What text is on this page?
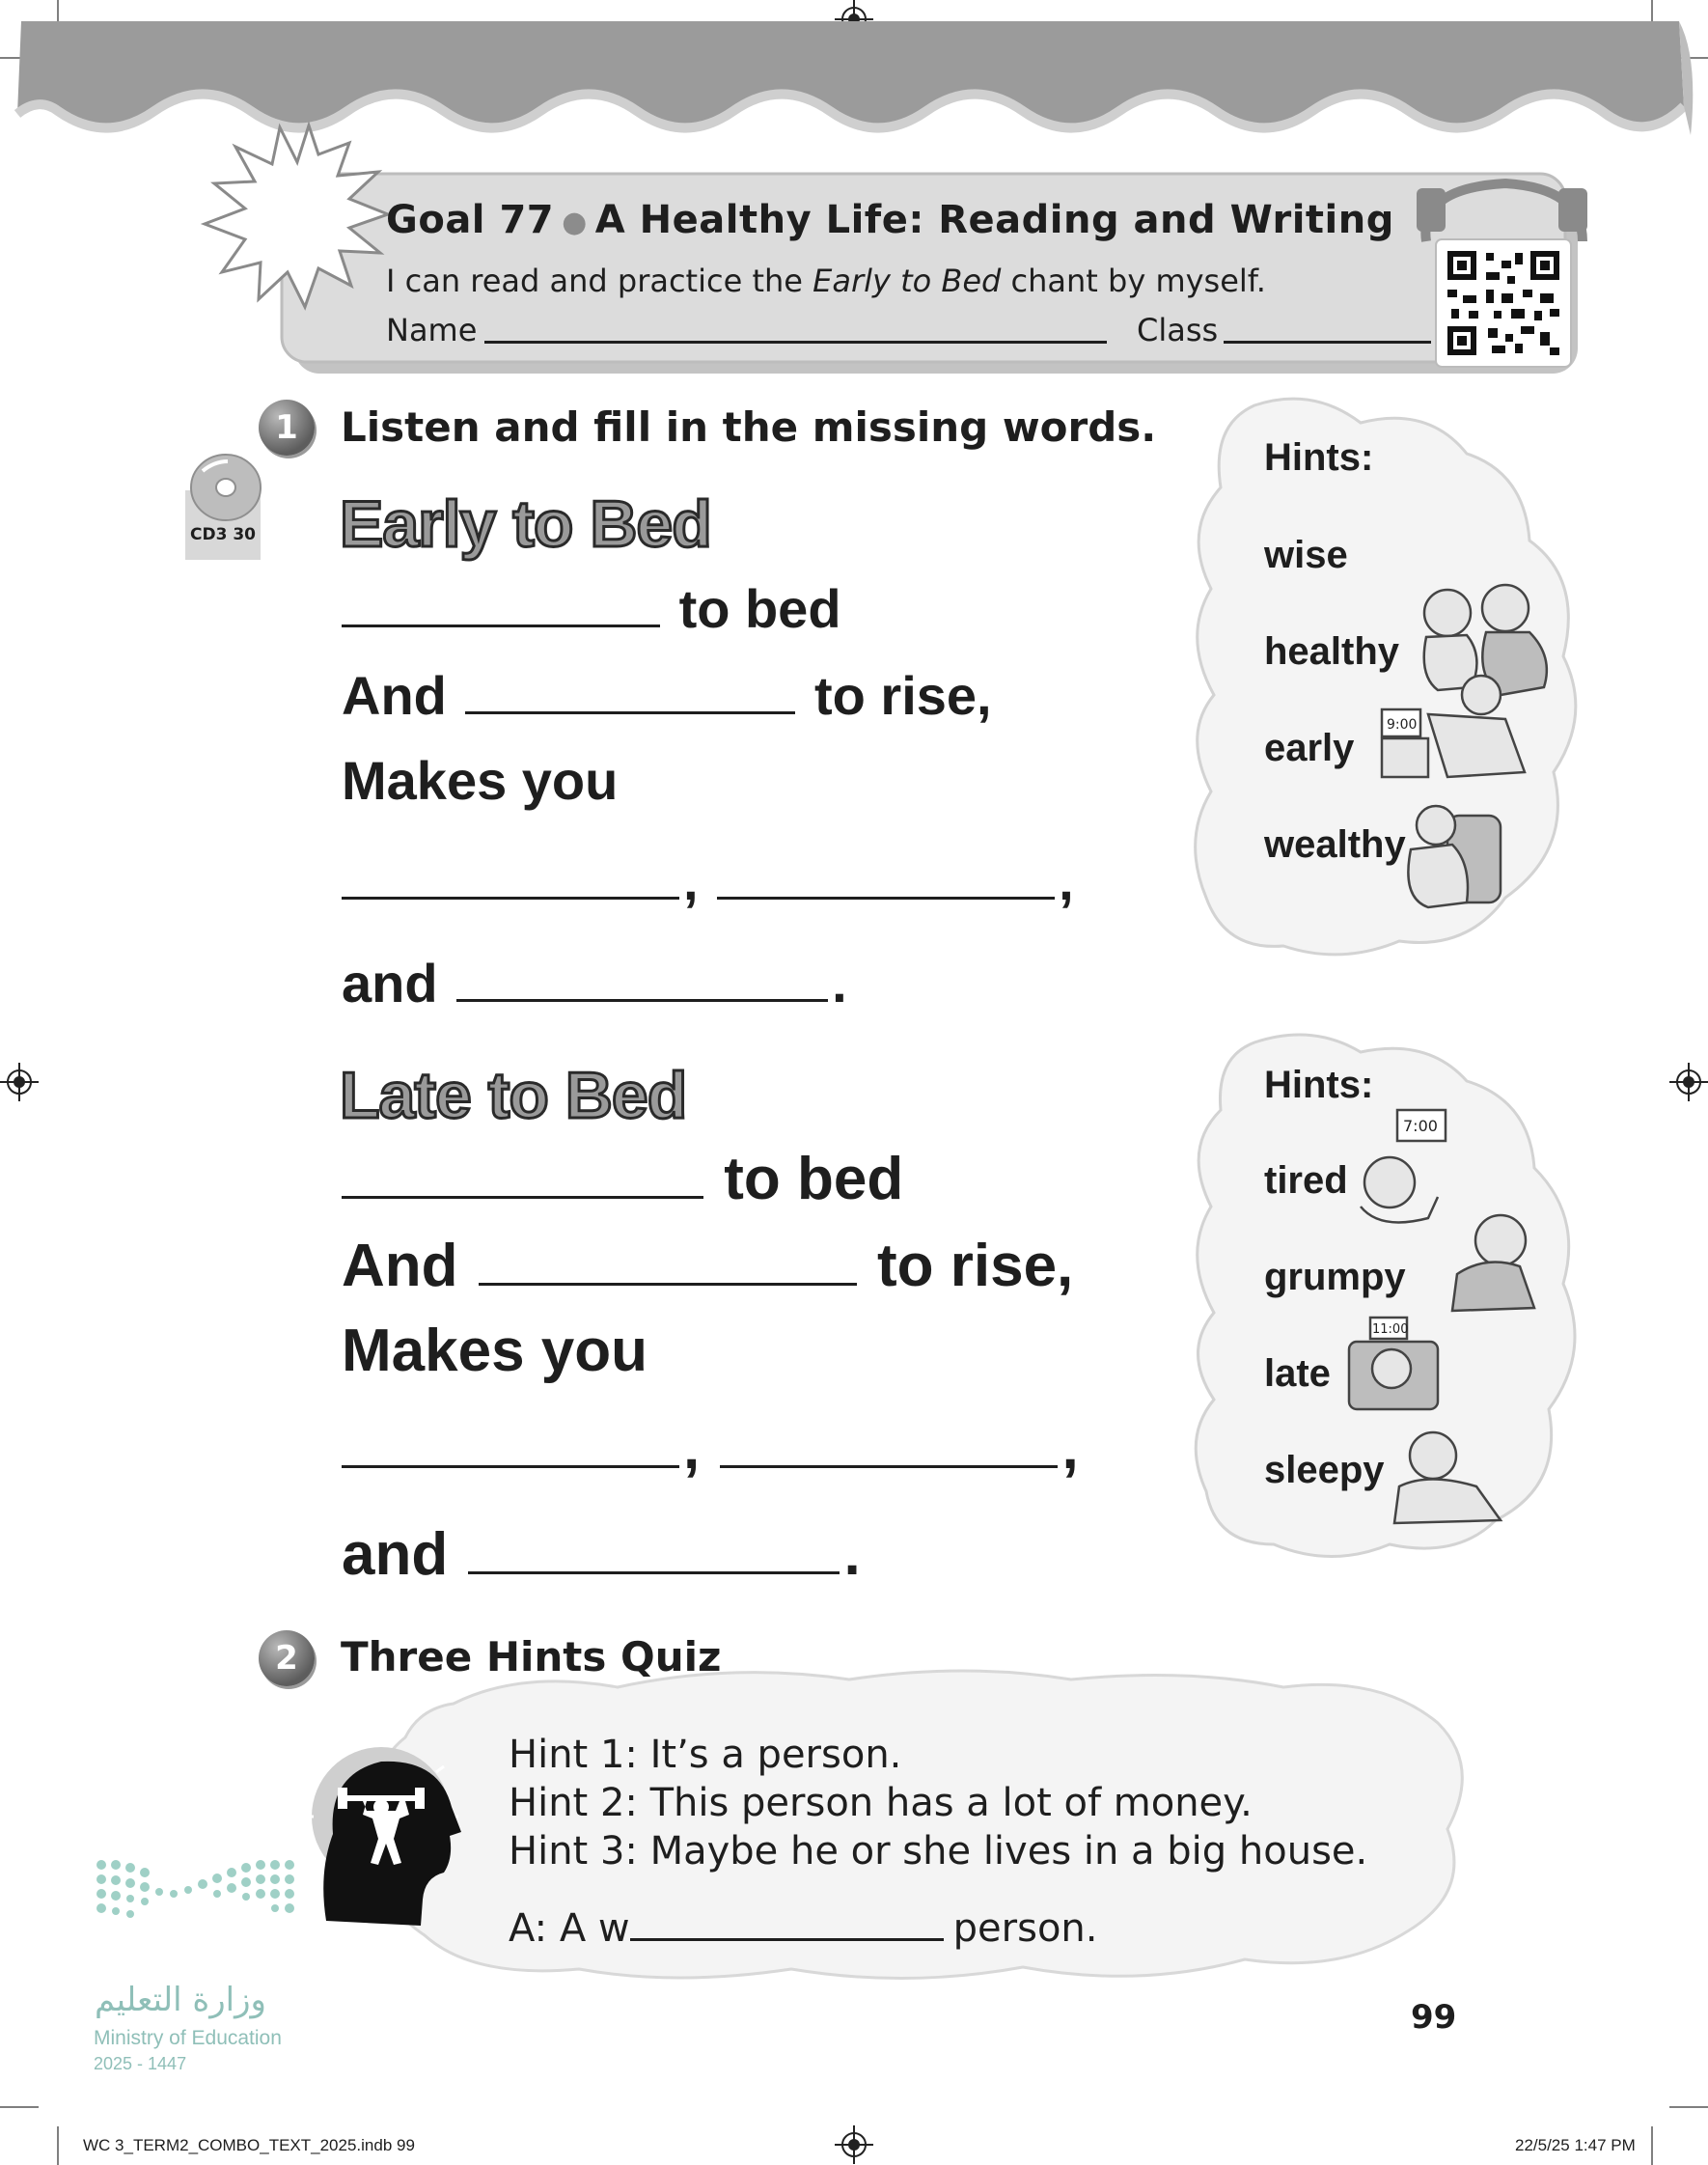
9:00
7:00
11:00
Goal 77 ● A Healthy Life: Reading and Writing
I can read and practice the Early to Bed chant by myself.
Name	Class
1	Listen and fill in the missing words.
CD3 30 Early to Bed
to bed
And	to rise,
Makes you
,	,
and	.
Hints:
wise
healthy
early
wealthy
Late to Bed
to bed
And	to rise,
Makes you
,	,
and	.
Hints:
tired
grumpy
late
sleepy
2	Three Hints Quiz
Hint 1: It’s a person.
Hint 2: This person has a lot of money.
Hint 3: Maybe he or she lives in a big house.
A: A w	person.
99
وزارة التعليم
Ministry of Education
2025 - 1447
WC 3_TERM2_COMBO_TEXT_2025.indb 99	22/5/25 1:47 PM
